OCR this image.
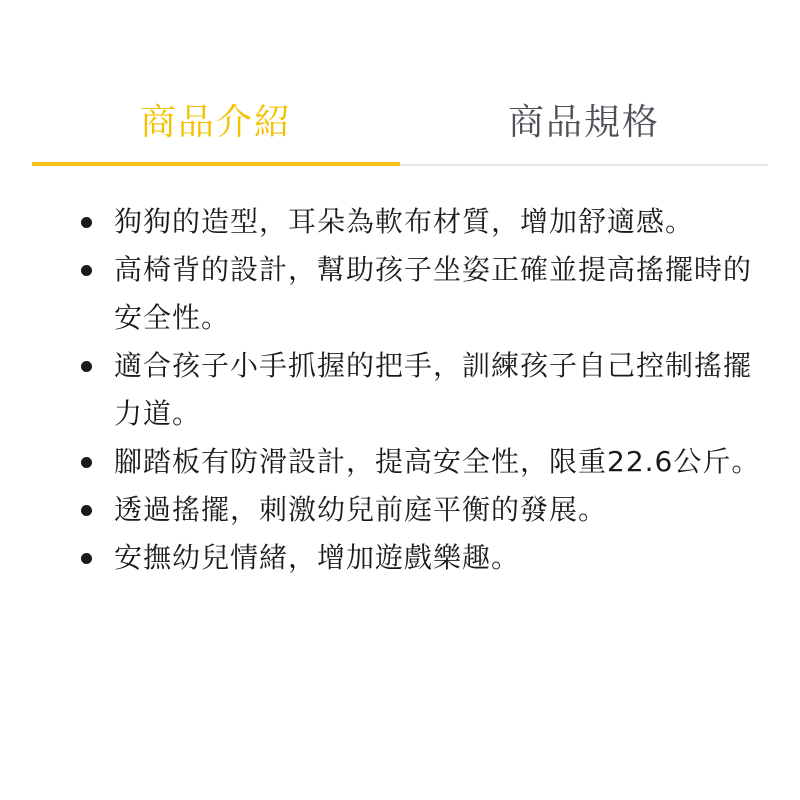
商品介紹	商品規格
狗狗的造型，耳朵為軟布材質，增加舒適感。
高椅背的設計，幫助孩子坐姿正確並提高搖擺時的安全性。
適合孩子小手抓握的把手，訓練孩子自己控制搖擺力道。
腳踏板有防滑設計，提高安全性，限重22.6公斤。
透過搖擺，刺激幼兒前庭平衡的發展。
安撫幼兒情緒，增加遊戲樂趣。
